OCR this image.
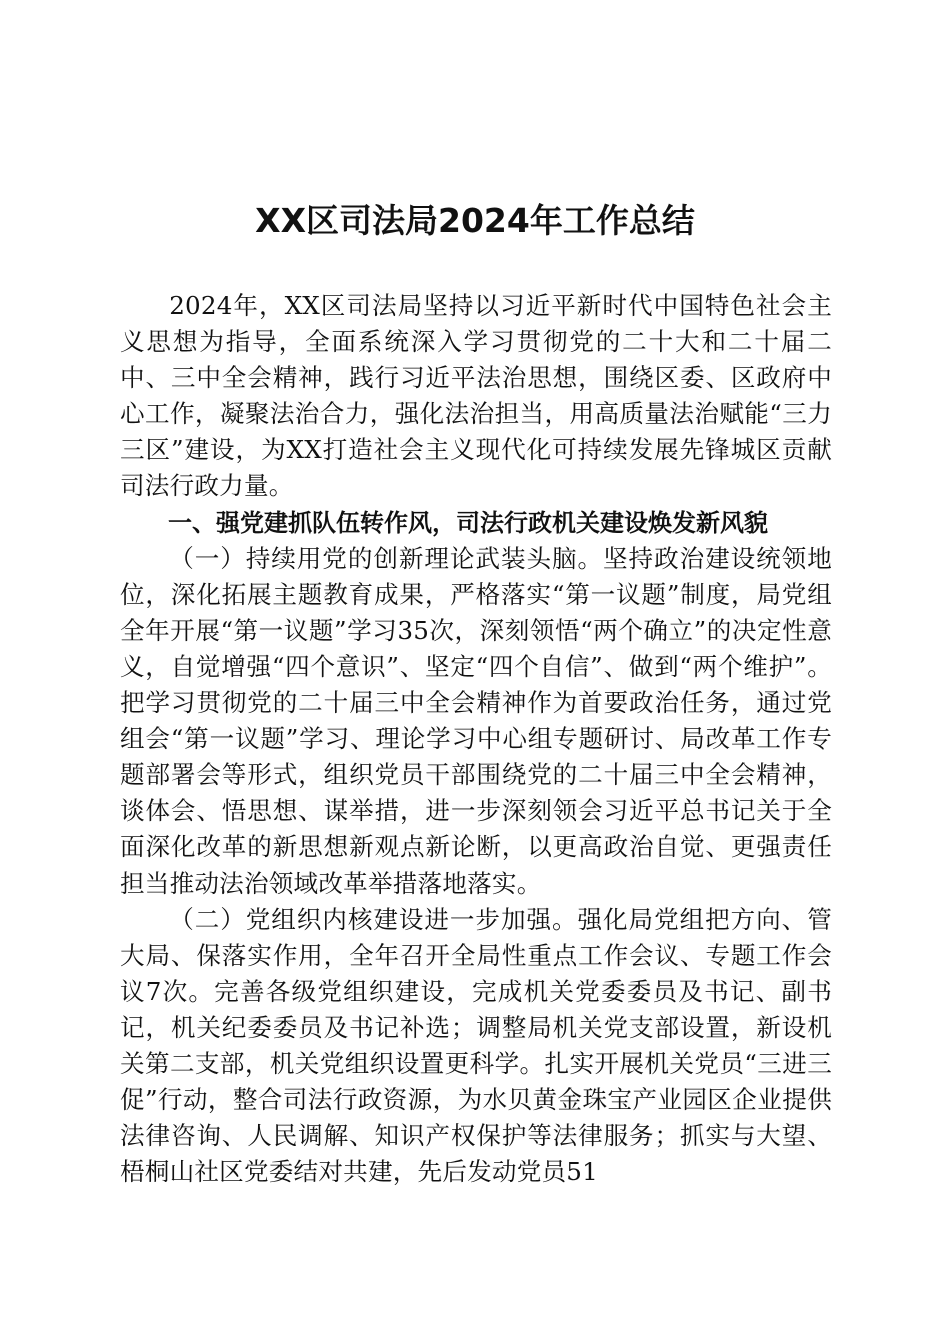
XX区司法局2024年工作总结

2024年，XX区司法局坚持以习近平新时代中国特色社会主义思想为指导，全面系统深入学习贯彻党的二十大和二十届二中、三中全会精神，践行习近平法治思想，围绕区委、区政府中心工作，凝聚法治合力，强化法治担当，用高质量法治赋能“三力三区”建设，为XX打造社会主义现代化可持续发展先锋城区贡献司法行政力量。

一、强党建抓队伍转作风，司法行政机关建设焕发新风貌

（一）持续用党的创新理论武装头脑。坚持政治建设统领地位，深化拓展主题教育成果，严格落实“第一议题”制度，局党组全年开展“第一议题”学习35次，深刻领悟“两个确立”的决定性意义，自觉增强“四个意识”、坚定“四个自信”、做到“两个维护”。把学习贯彻党的二十届三中全会精神作为首要政治任务，通过党组会“第一议题”学习、理论学习中心组专题研讨、局改革工作专题部署会等形式，组织党员干部围绕党的二十届三中全会精神，谈体会、悟思想、谋举措，进一步深刻领会习近平总书记关于全面深化改革的新思想新观点新论断，以更高政治自觉、更强责任担当推动法治领域改革举措落地落实。

（二）党组织内核建设进一步加强。强化局党组把方向、管大局、保落实作用，全年召开全局性重点工作会议、专题工作会议7次。完善各级党组织建设，完成机关党委委员及书记、副书记，机关纪委委员及书记补选；调整局机关党支部设置，新设机关第二支部，机关党组织设置更科学。扎实开展机关党员“三进三促”行动，整合司法行政资源，为水贝黄金珠宝产业园区企业提供法律咨询、人民调解、知识产权保护等法律服务；抓实与大望、梧桐山社区党委结对共建，先后发动党员51
